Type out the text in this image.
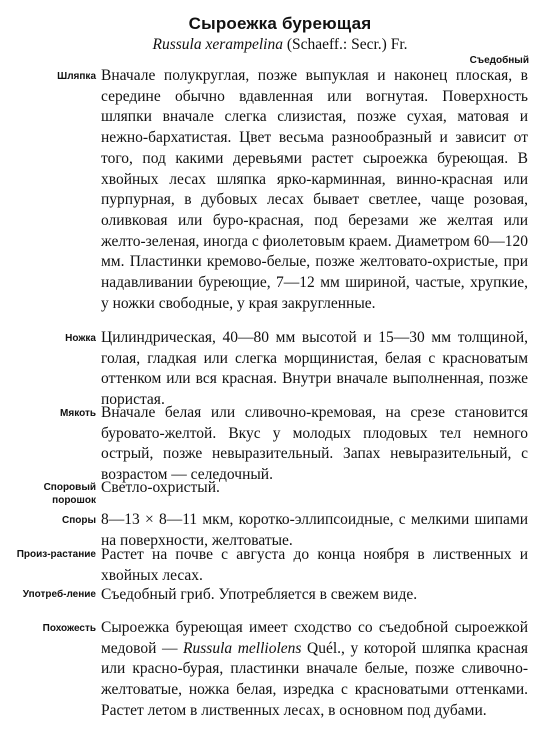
Сыроежка буреющая
Russula xerampelina (Schaeff.: Secr.) Fr.
Съедобный
Шляпка Вначале полукруглая, позже выпуклая и наконец плоская, в середине обычно вдавленная или вогнутая. Поверхность шляпки вначале слегка слизистая, позже сухая, матовая и нежно-бархатистая. Цвет весьма разнообразный и зависит от того, под какими деревьями растет сыроежка буреющая. В хвойных лесах шляпка ярко-карминная, винно-красная или пурпурная, в дубовых лесах бывает светлее, чаще розовая, оливковая или буро-красная, под березами же желтая или желто-зеленая, иногда с фиолетовым краем. Диаметром 60—120 мм. Пластинки кремово-белые, позже желтовато-охристые, при надавливании буреющие, 7—12 мм шириной, частые, хрупкие, у ножки свободные, у края закругленные.
Ножка Цилиндрическая, 40—80 мм высотой и 15—30 мм толщиной, голая, гладкая или слегка морщинистая, белая с красноватым оттенком или вся красная. Внутри вначале выполненная, позже пористая.
Мякоть Вначале белая или сливочно-кремовая, на срезе становится буровато-желтой. Вкус у молодых плодовых тел немного острый, позже невыразительный. Запах невыразительный, с возрастом — селедочный.
Споровый порошок
Светло-охристый.
Споры 8—13 × 8—11 мкм, коротко-эллипсоидные, с мелкими шипами на поверхности, желтоватые.
Произ-растание Растет на почве с августа до конца ноября в лиственных и хвойных лесах.
Употреб-ление Съедобный гриб. Употребляется в свежем виде.
Похожесть Сыроежка буреющая имеет сходство со съедобной сыроежкой медовой — Russula melliolens Quél., у которой шляпка красная или красно-бурая, пластинки вначале белые, позже сливочно-желтоватые, ножка белая, изредка с красноватыми оттенками. Растет летом в лиственных лесах, в основном под дубами.
